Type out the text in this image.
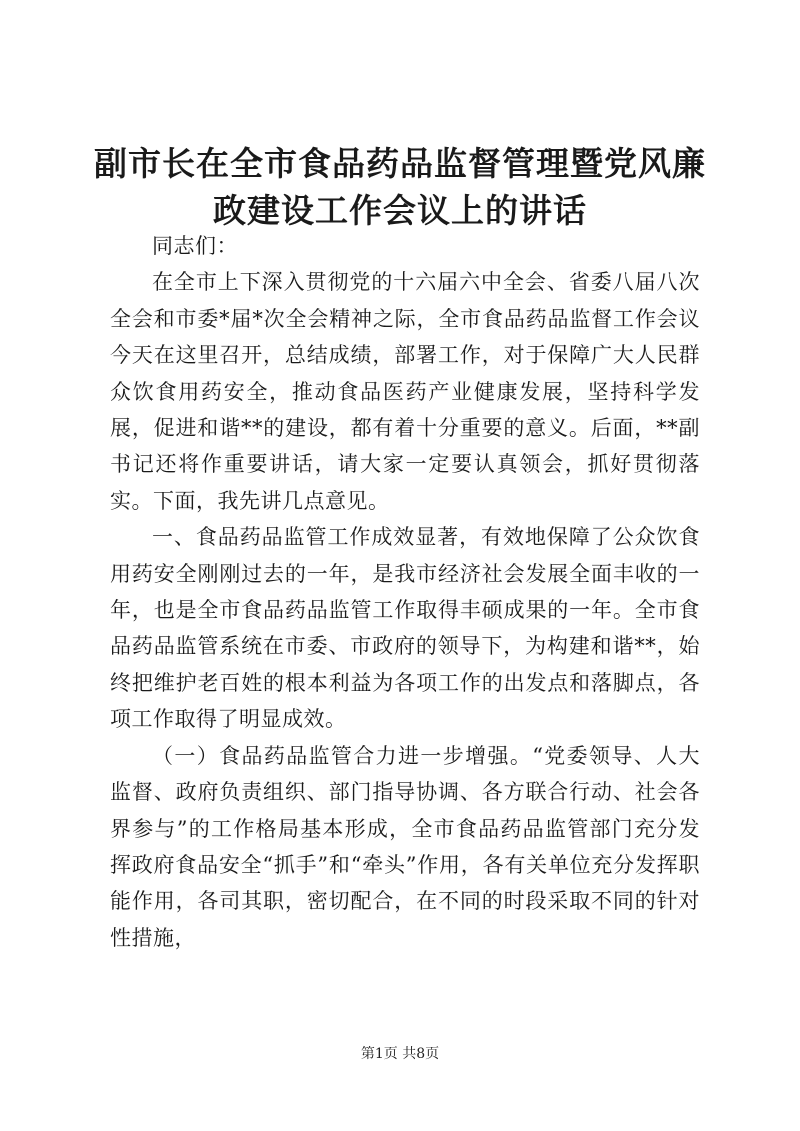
副市长在全市食品药品监督管理暨党风廉政建设工作会议上的讲话

同志们：

在全市上下深入贯彻党的十六届六中全会、省委八届八次全会和市委*届*次全会精神之际，全市食品药品监督工作会议今天在这里召开，总结成绩，部署工作，对于保障广大人民群众饮食用药安全，推动食品医药产业健康发展，坚持科学发展，促进和谐**的建设，都有着十分重要的意义。后面，**副书记还将作重要讲话，请大家一定要认真领会，抓好贯彻落实。下面，我先讲几点意见。

一、食品药品监管工作成效显著，有效地保障了公众饮食用药安全刚刚过去的一年，是我市经济社会发展全面丰收的一年，也是全市食品药品监管工作取得丰硕成果的一年。全市食品药品监管系统在市委、市政府的领导下，为构建和谐**，始终把维护老百姓的根本利益为各项工作的出发点和落脚点，各项工作取得了明显成效。

（一）食品药品监管合力进一步增强。“党委领导、人大监督、政府负责组织、部门指导协调、各方联合行动、社会各界参与”的工作格局基本形成，全市食品药品监管部门充分发挥政府食品安全“抓手”和“牵头”作用，各有关单位充分发挥职能作用，各司其职，密切配合，在不同的时段采取不同的针对性措施，

第1页 共8页
